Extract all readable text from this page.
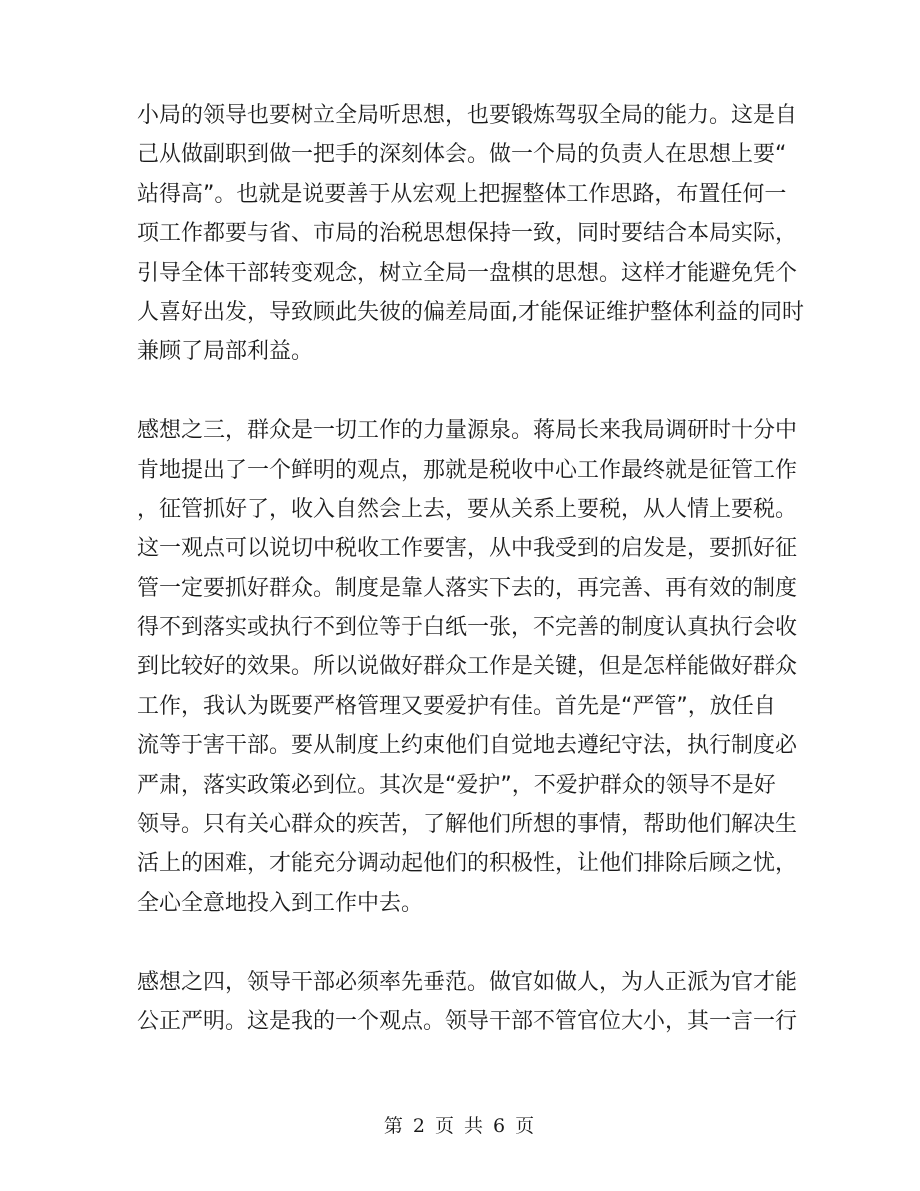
小局的领导也要树立全局听思想，也要锻炼驾驭全局的能力。这是自
己从做副职到做一把手的深刻体会。做一个局的负责人在思想上要“
站得高”。也就是说要善于从宏观上把握整体工作思路，布置任何一
项工作都要与省、市局的治税思想保持一致，同时要结合本局实际，
引导全体干部转变观念，树立全局一盘棋的思想。这样才能避免凭个
人喜好出发，导致顾此失彼的偏差局面,才能保证维护整体利益的同时
兼顾了局部利益。
感想之三，群众是一切工作的力量源泉。蒋局长来我局调研时十分中
肯地提出了一个鲜明的观点，那就是税收中心工作最终就是征管工作
，征管抓好了，收入自然会上去，要从关系上要税，从人情上要税。
这一观点可以说切中税收工作要害，从中我受到的启发是，要抓好征
管一定要抓好群众。制度是靠人落实下去的，再完善、再有效的制度
得不到落实或执行不到位等于白纸一张，不完善的制度认真执行会收
到比较好的效果。所以说做好群众工作是关键，但是怎样能做好群众
工作，我认为既要严格管理又要爱护有佳。首先是“严管”，放任自
流等于害干部。要从制度上约束他们自觉地去遵纪守法，执行制度必
严肃，落实政策必到位。其次是“爱护”，不爱护群众的领导不是好
领导。只有关心群众的疾苦，了解他们所想的事情，帮助他们解决生
活上的困难，才能充分调动起他们的积极性，让他们排除后顾之忧，
全心全意地投入到工作中去。
感想之四，领导干部必须率先垂范。做官如做人，为人正派为官才能
公正严明。这是我的一个观点。领导干部不管官位大小，其一言一行
第 2 页 共 6 页
